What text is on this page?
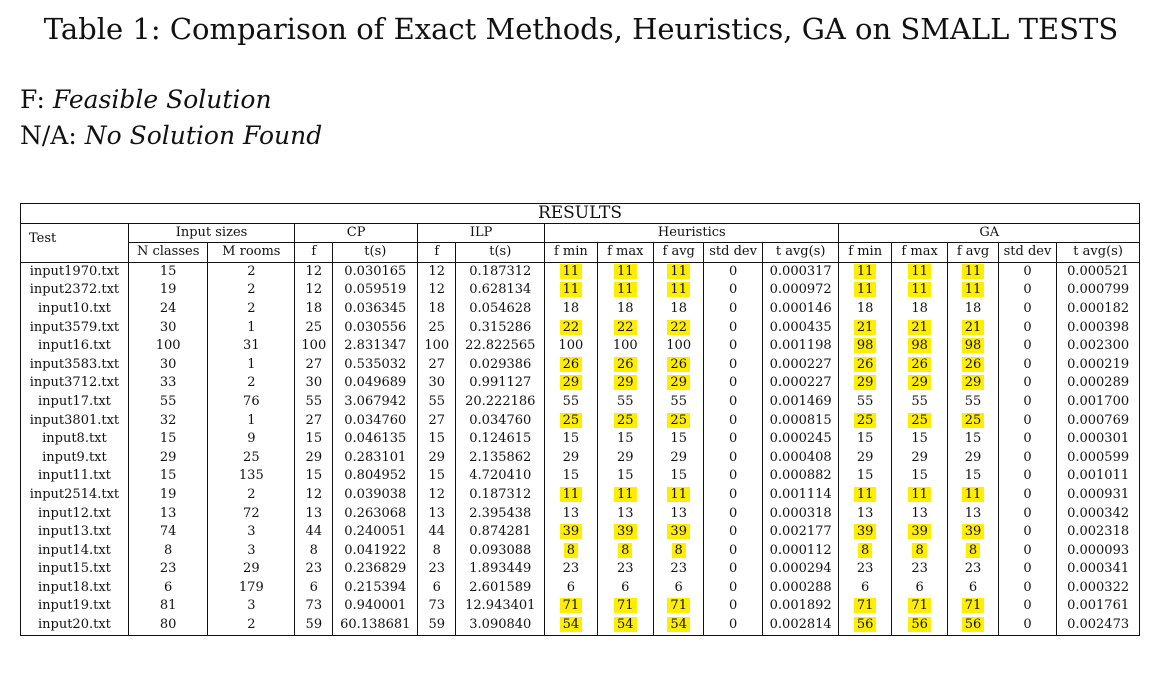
Table 1: Comparison of Exact Methods, Heuristics, GA on SMALL TESTS
F: Feasible Solution
N/A: No Solution Found
RESULTS																
Test	Input sizes		CP		ILP		Heuristics					GA				
	N classes	M rooms	f	t(s)	f	t(s)	f min	f max	f avg	std dev	t avg(s)	f min	f max	f avg	std dev	t avg(s)
input1970.txt	15	2	12	0.030165	12	0.187312	11	11	11	0	0.000317	11	11	11	0	0.000521
input2372.txt	19	2	12	0.059519	12	0.628134	11	11	11	0	0.000972	11	11	11	0	0.000799
input10.txt	24	2	18	0.036345	18	0.054628	18	18	18	0	0.000146	18	18	18	0	0.000182
input3579.txt	30	1	25	0.030556	25	0.315286	22	22	22	0	0.000435	21	21	21	0	0.000398
input16.txt	100	31	100	2.831347	100	22.822565	100	100	100	0	0.001198	98	98	98	0	0.002300
input3583.txt	30	1	27	0.535032	27	0.029386	26	26	26	0	0.000227	26	26	26	0	0.000219
input3712.txt	33	2	30	0.049689	30	0.991127	29	29	29	0	0.000227	29	29	29	0	0.000289
input17.txt	55	76	55	3.067942	55	20.222186	55	55	55	0	0.001469	55	55	55	0	0.001700
input3801.txt	32	1	27	0.034760	27	0.034760	25	25	25	0	0.000815	25	25	25	0	0.000769
input8.txt	15	9	15	0.046135	15	0.124615	15	15	15	0	0.000245	15	15	15	0	0.000301
input9.txt	29	25	29	0.283101	29	2.135862	29	29	29	0	0.000408	29	29	29	0	0.000599
input11.txt	15	135	15	0.804952	15	4.720410	15	15	15	0	0.000882	15	15	15	0	0.001011
input2514.txt	19	2	12	0.039038	12	0.187312	11	11	11	0	0.001114	11	11	11	0	0.000931
input12.txt	13	72	13	0.263068	13	2.395438	13	13	13	0	0.000318	13	13	13	0	0.000342
input13.txt	74	3	44	0.240051	44	0.874281	39	39	39	0	0.002177	39	39	39	0	0.002318
input14.txt	8	3	8	0.041922	8	0.093088	8	8	8	0	0.000112	8	8	8	0	0.000093
input15.txt	23	29	23	0.236829	23	1.893449	23	23	23	0	0.000294	23	23	23	0	0.000341
input18.txt	6	179	6	0.215394	6	2.601589	6	6	6	0	0.000288	6	6	6	0	0.000322
input19.txt	81	3	73	0.940001	73	12.943401	71	71	71	0	0.001892	71	71	71	0	0.001761
input20.txt	80	2	59	60.138681	59	3.090840	54	54	54	0	0.002814	56	56	56	0	0.002473
